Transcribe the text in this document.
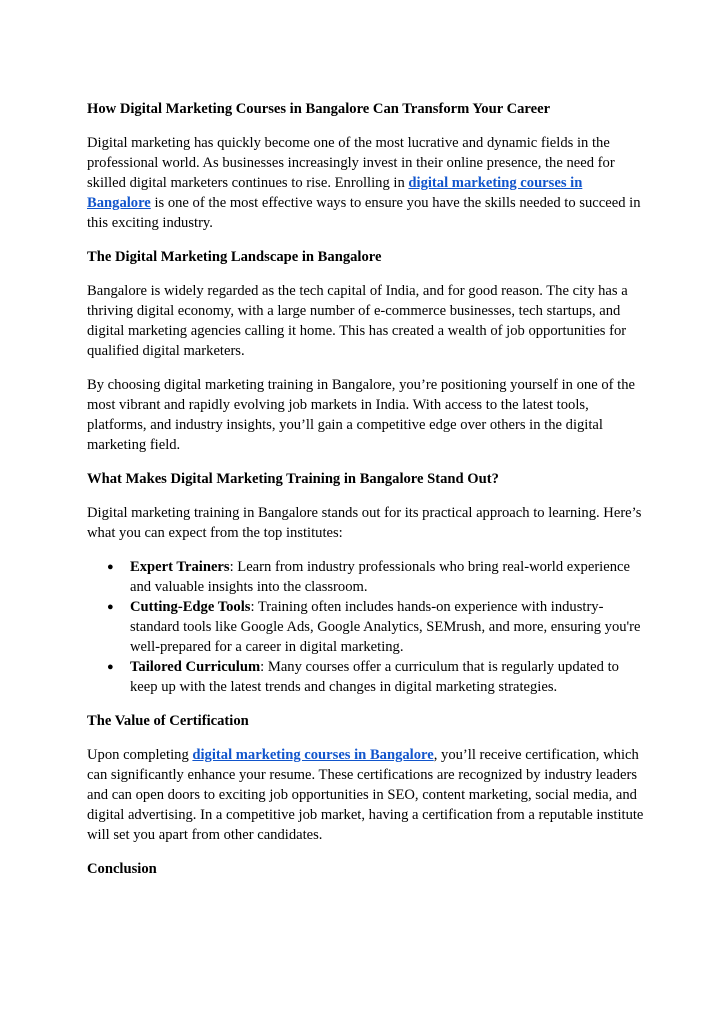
How Digital Marketing Courses in Bangalore Can Transform Your Career

Digital marketing has quickly become one of the most lucrative and dynamic fields in the professional world. As businesses increasingly invest in their online presence, the need for skilled digital marketers continues to rise. Enrolling in digital marketing courses in Bangalore is one of the most effective ways to ensure you have the skills needed to succeed in this exciting industry.

The Digital Marketing Landscape in Bangalore

Bangalore is widely regarded as the tech capital of India, and for good reason. The city has a thriving digital economy, with a large number of e-commerce businesses, tech startups, and digital marketing agencies calling it home. This has created a wealth of job opportunities for qualified digital marketers.

By choosing digital marketing training in Bangalore, you’re positioning yourself in one of the most vibrant and rapidly evolving job markets in India. With access to the latest tools, platforms, and industry insights, you’ll gain a competitive edge over others in the digital marketing field.

What Makes Digital Marketing Training in Bangalore Stand Out?

Digital marketing training in Bangalore stands out for its practical approach to learning. Here’s what you can expect from the top institutes:

● Expert Trainers: Learn from industry professionals who bring real-world experience and valuable insights into the classroom.
● Cutting-Edge Tools: Training often includes hands-on experience with industry-standard tools like Google Ads, Google Analytics, SEMrush, and more, ensuring you're well-prepared for a career in digital marketing.
● Tailored Curriculum: Many courses offer a curriculum that is regularly updated to keep up with the latest trends and changes in digital marketing strategies.
The Value of Certification

Upon completing digital marketing courses in Bangalore, you’ll receive certification, which can significantly enhance your resume. These certifications are recognized by industry leaders and can open doors to exciting job opportunities in SEO, content marketing, social media, and digital advertising. In a competitive job market, having a certification from a reputable institute will set you apart from other candidates.

Conclusion
